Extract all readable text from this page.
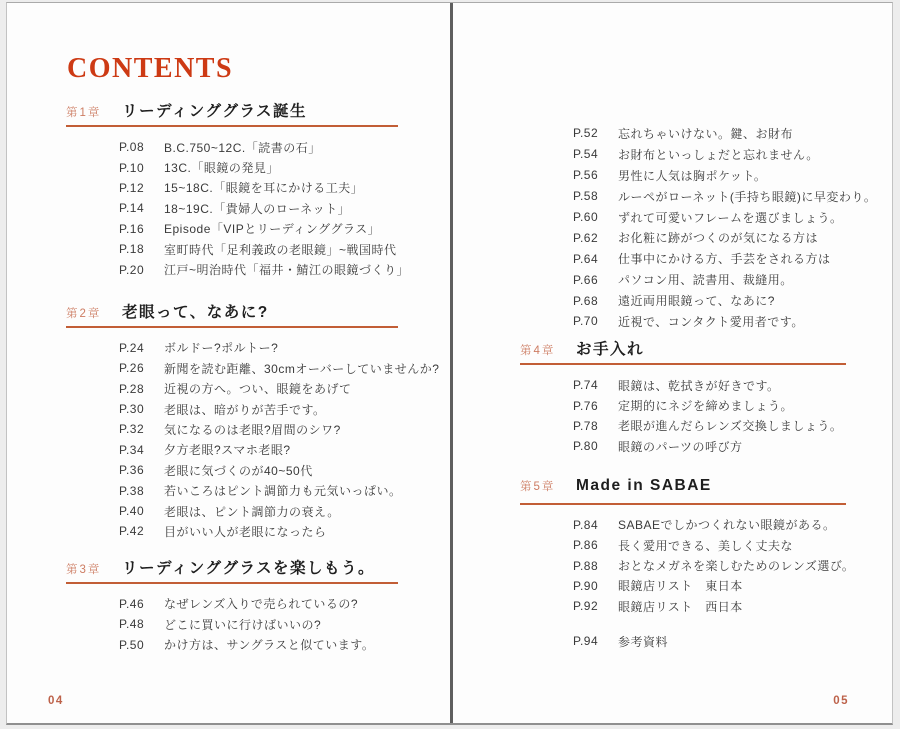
CONTENTS
第1章	リーディンググラス誕生
P.08	B.C.750~12C.「読書の石」
P.10	13C.「眼鏡の発見」
P.12	15~18C.「眼鏡を耳にかける工夫」
P.14	18~19C.「貴婦人のローネット」
P.16	Episode「VIPとリーディンググラス」
P.18	室町時代「足利義政の老眼鏡」~戦国時代
P.20	江戸~明治時代「福井・鯖江の眼鏡づくり」
第2章	老眼って、なあに?
P.24	ボルドー?ポルトー?
P.26	新聞を読む距離、30cmオーバーしていませんか?
P.28	近視の方へ。つい、眼鏡をあげて
P.30	老眼は、暗がりが苦手です。
P.32	気になるのは老眼?眉間のシワ?
P.34	夕方老眼?スマホ老眼?
P.36	老眼に気づくのが40~50代
P.38	若いころはピント調節力も元気いっぱい。
P.40	老眼は、ピント調節力の衰え。
P.42	目がいい人が老眼になったら
第3章	リーディンググラスを楽しもう。
P.46	なぜレンズ入りで売られているの?
P.48	どこに買いに行けばいいの?
P.50	かけ方は、サングラスと似ています。
04
P.52	忘れちゃいけない。鍵、お財布
P.54	お財布といっしょだと忘れません。
P.56	男性に人気は胸ポケット。
P.58	ルーペがローネット(手持ち眼鏡)に早変わり。
P.60	ずれて可愛いフレームを選びましょう。
P.62	お化粧に跡がつくのが気になる方は
P.64	仕事中にかける方、手芸をされる方は
P.66	パソコン用、読書用、裁縫用。
P.68	遠近両用眼鏡って、なあに?
P.70	近視で、コンタクト愛用者です。
第4章	お手入れ
P.74	眼鏡は、乾拭きが好きです。
P.76	定期的にネジを締めましょう。
P.78	老眼が進んだらレンズ交換しましょう。
P.80	眼鏡のパーツの呼び方
第5章	Made in SABAE
P.84	SABAEでしかつくれない眼鏡がある。
P.86	長く愛用できる、美しく丈夫な
P.88	おとなメガネを楽しむためのレンズ選び。
P.90	眼鏡店リスト　東日本
P.92	眼鏡店リスト　西日本
P.94	参考資料
05
